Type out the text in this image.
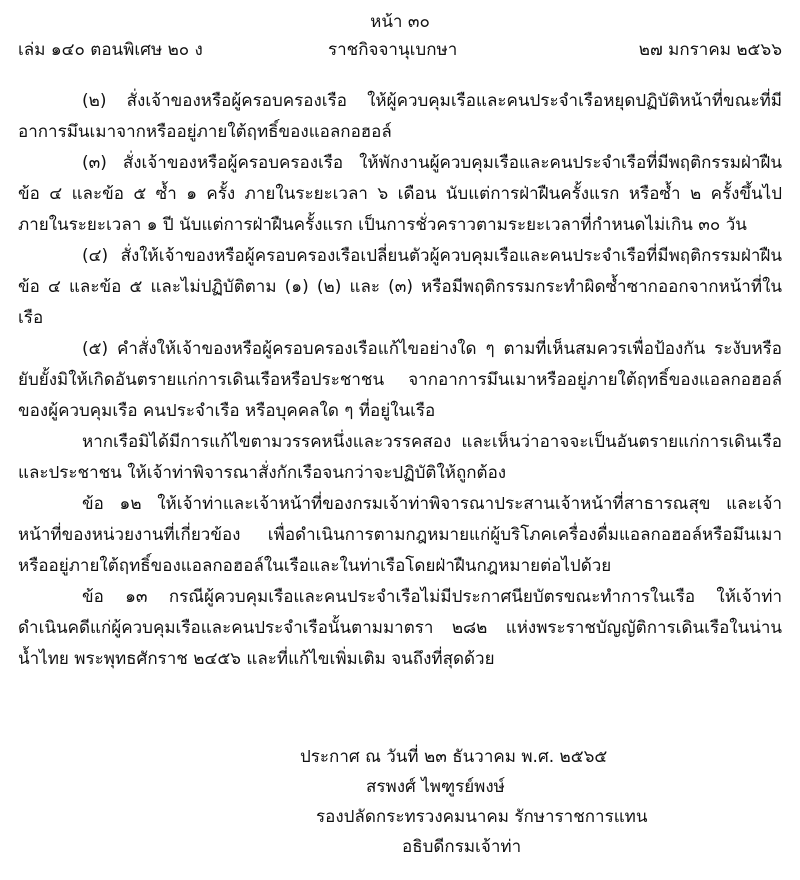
หน้า ๓๐
เล่ม ๑๔๐ ตอนพิเศษ ๒๐ ง	ราชกิจจานุเบกษา	๒๗ มกราคม ๒๕๖๖

(๒) สั่งเจ้าของหรือผู้ครอบครองเรือ ให้ผู้ควบคุมเรือและคนประจำเรือหยุดปฏิบัติหน้าที่ขณะที่มีอาการมึนเมาจากหรืออยู่ภายใต้ฤทธิ์ของแอลกอฮอล์

(๓) สั่งเจ้าของหรือผู้ครอบครองเรือ ให้พักงานผู้ควบคุมเรือและคนประจำเรือที่มีพฤติกรรมฝ่าฝืนข้อ ๔ และข้อ ๕ ซ้ำ ๑ ครั้ง ภายในระยะเวลา ๖ เดือน นับแต่การฝ่าฝืนครั้งแรก หรือซ้ำ ๒ ครั้งขึ้นไป ภายในระยะเวลา ๑ ปี นับแต่การฝ่าฝืนครั้งแรก เป็นการชั่วคราวตามระยะเวลาที่กำหนดไม่เกิน ๓๐ วัน

(๔) สั่งให้เจ้าของหรือผู้ครอบครองเรือเปลี่ยนตัวผู้ควบคุมเรือและคนประจำเรือที่มีพฤติกรรมฝ่าฝืนข้อ ๔ และข้อ ๕ และไม่ปฏิบัติตาม (๑) (๒) และ (๓) หรือมีพฤติกรรมกระทำผิดซ้ำซากออกจากหน้าที่ในเรือ

(๕) คำสั่งให้เจ้าของหรือผู้ครอบครองเรือแก้ไขอย่างใด ๆ ตามที่เห็นสมควรเพื่อป้องกัน ระงับหรือยับยั้งมิให้เกิดอันตรายแก่การเดินเรือหรือประชาชน จากอาการมึนเมาหรืออยู่ภายใต้ฤทธิ์ของแอลกอฮอล์ของผู้ควบคุมเรือ คนประจำเรือ หรือบุคคลใด ๆ ที่อยู่ในเรือ

หากเรือมิได้มีการแก้ไขตามวรรคหนึ่งและวรรคสอง และเห็นว่าอาจจะเป็นอันตรายแก่การเดินเรือและประชาชน ให้เจ้าท่าพิจารณาสั่งกักเรือจนกว่าจะปฏิบัติให้ถูกต้อง

ข้อ ๑๒ ให้เจ้าท่าและเจ้าหน้าที่ของกรมเจ้าท่าพิจารณาประสานเจ้าหน้าที่สาธารณสุข และเจ้าหน้าที่ของหน่วยงานที่เกี่ยวข้อง เพื่อดำเนินการตามกฎหมายแก่ผู้บริโภคเครื่องดื่มแอลกอฮอล์หรือมึนเมาหรืออยู่ภายใต้ฤทธิ์ของแอลกอฮอล์ในเรือและในท่าเรือโดยฝ่าฝืนกฎหมายต่อไปด้วย

ข้อ ๑๓ กรณีผู้ควบคุมเรือและคนประจำเรือไม่มีประกาศนียบัตรขณะทำการในเรือ ให้เจ้าท่าดำเนินคดีแก่ผู้ควบคุมเรือและคนประจำเรือนั้นตามมาตรา ๒๘๒ แห่งพระราชบัญญัติการเดินเรือในน่านน้ำไทย พระพุทธศักราช ๒๔๕๖ และที่แก้ไขเพิ่มเติม จนถึงที่สุดด้วย

ประกาศ ณ วันที่ ๒๓ ธันวาคม พ.ศ. ๒๕๖๕
สรพงศ์ ไพฑูรย์พงษ์
รองปลัดกระทรวงคมนาคม รักษาราชการแทน
อธิบดีกรมเจ้าท่า
